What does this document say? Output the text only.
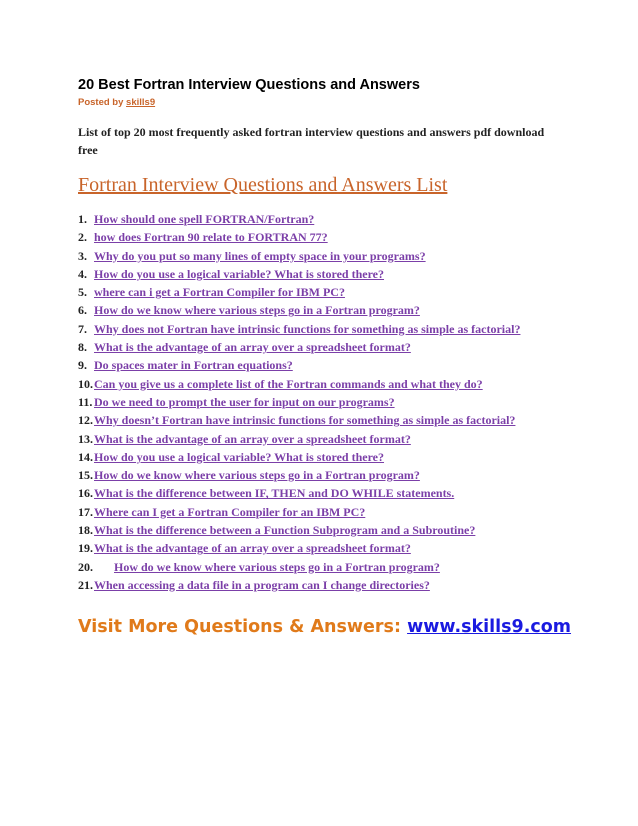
20 Best Fortran Interview Questions and Answers
Posted by skills9
List of top 20 most frequently asked fortran interview questions and answers pdf download free
Fortran Interview Questions and Answers List
1. How should one spell FORTRAN/Fortran?
2. how does Fortran 90 relate to FORTRAN 77?
3. Why do you put so many lines of empty space in your programs?
4. How do you use a logical variable? What is stored there?
5. where can i get a Fortran Compiler for IBM PC?
6. How do we know where various steps go in a Fortran program?
7. Why does not Fortran have intrinsic functions for something as simple as factorial?
8. What is the advantage of an array over a spreadsheet format?
9. Do spaces mater in Fortran equations?
10. Can you give us a complete list of the Fortran commands and what they do?
11. Do we need to prompt the user for input on our programs?
12. Why doesn’t Fortran have intrinsic functions for something as simple as factorial?
13. What is the advantage of an array over a spreadsheet format?
14. How do you use a logical variable? What is stored there?
15. How do we know where various steps go in a Fortran program?
16. What is the difference between IF, THEN and DO WHILE statements.
17. Where can I get a Fortran Compiler for an IBM PC?
18. What is the difference between a Function Subprogram and a Subroutine?
19. What is the advantage of an array over a spreadsheet format?
20.	How do we know where various steps go in a Fortran program?
21. When accessing a data file in a program can I change directories?
Visit More Questions & Answers: www.skills9.com
